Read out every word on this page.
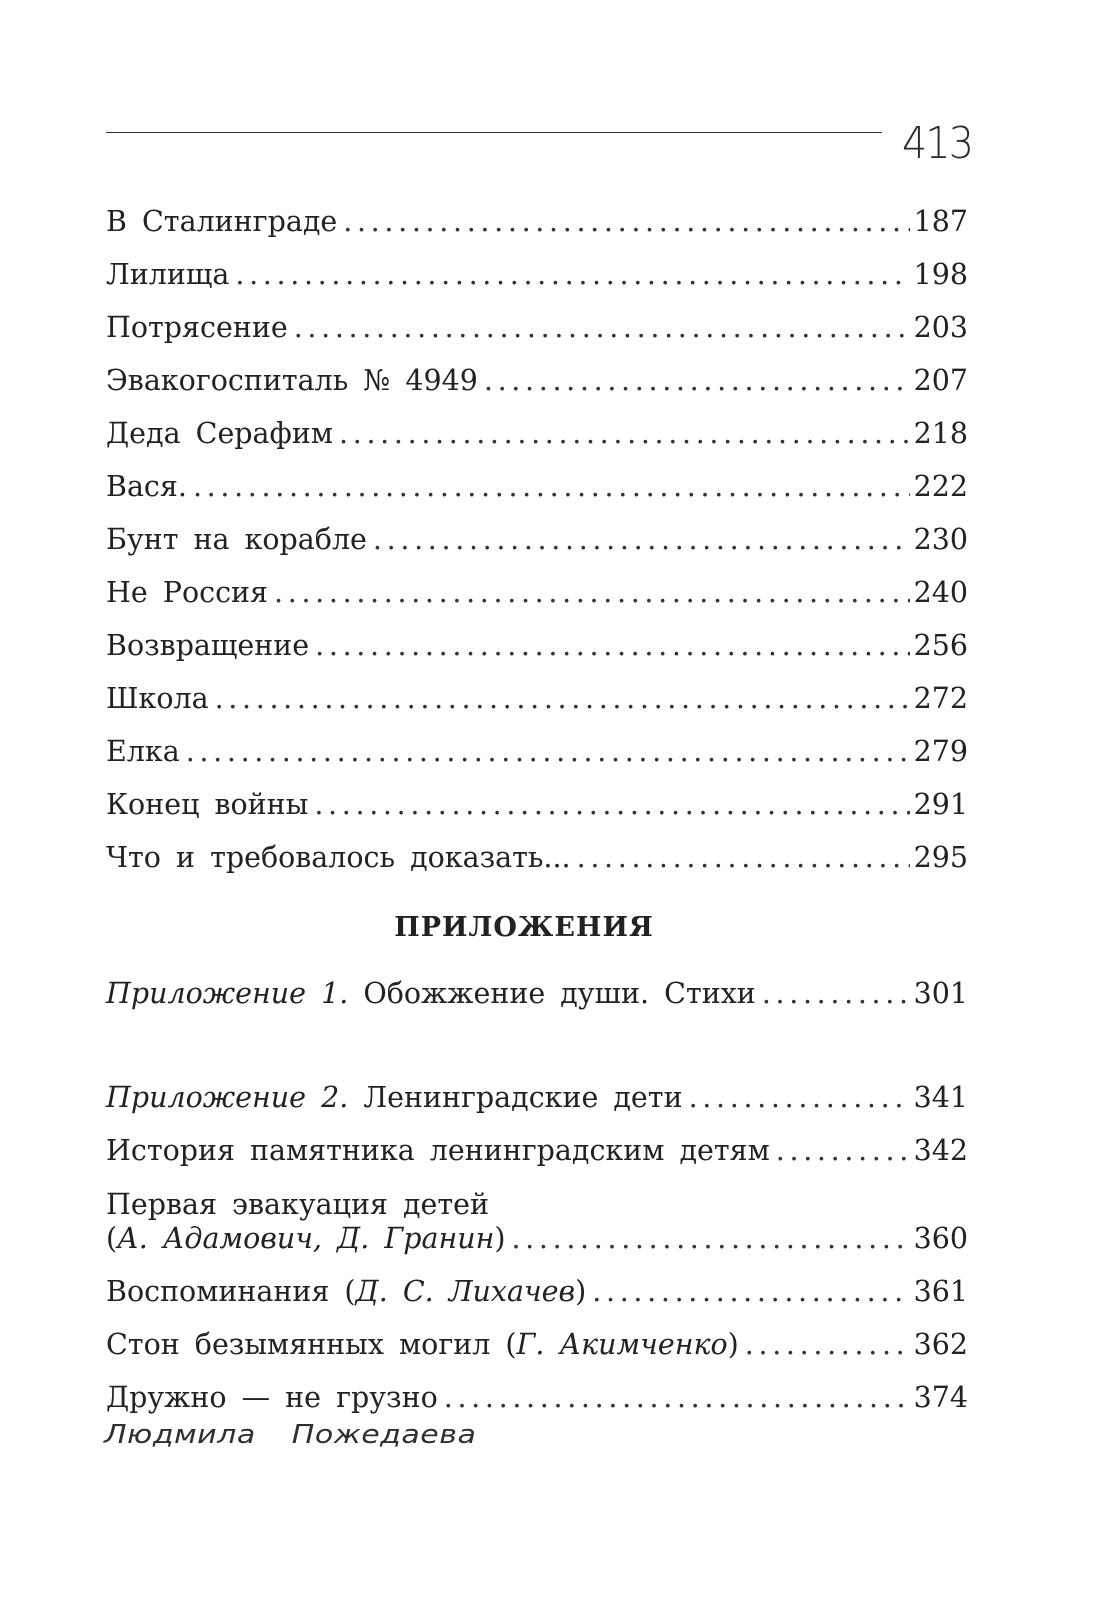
413
В Сталинграде . . .	187
Лилища . . .	198
Потрясение . . .	203
Эвакогоспиталь № 4949 . . .	207
Деда Серафим . . .	218
Вася. . . .	222
Бунт на корабле . . .	230
Не Россия . . .	240
Возвращение . . .	256
Школа . . .	272
Елка . . .	279
Конец войны . . .	291
Что и требовалось доказать... . . .	295
ПРИЛОЖЕНИЯ
Приложение 1. Обожжение души. Стихи . . .	301
Приложение 2. Ленинградские дети . . .	341
История памятника ленинградским детям . . .	342
Первая эвакуация детей
(А. Адамович, Д. Гранин) . . .	360
Воспоминания (Д. С. Лихачев) . . .	361
Стон безымянных могил (Г. Акимченко) . . .	362
Дружно — не грузно . . .	374
Людмила Пожедаева
